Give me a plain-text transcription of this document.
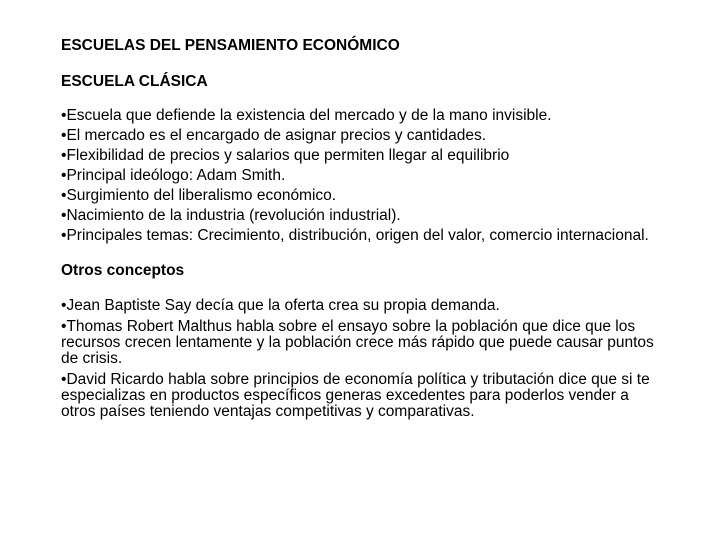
ESCUELAS DEL PENSAMIENTO ECONÓMICO

ESCUELA CLÁSICA

•Escuela que defiende la existencia del mercado y de la mano invisible.
•El mercado es el encargado de asignar precios y cantidades.
•Flexibilidad de precios y salarios que permiten llegar al equilibrio
•Principal ideólogo: Adam Smith.
•Surgimiento del liberalismo económico.
•Nacimiento de la industria (revolución industrial).
•Principales temas: Crecimiento, distribución, origen del valor, comercio internacional.

Otros conceptos

•Jean Baptiste Say decía que la oferta crea su propia demanda.
•Thomas Robert Malthus habla sobre el ensayo sobre la población que dice que los recursos crecen lentamente y la población crece más rápido que puede causar puntos de crisis.
•David Ricardo habla sobre principios de economía política y tributación dice que si te especializas en productos específicos generas excedentes para poderlos vender a otros países teniendo ventajas competitivas y comparativas.
